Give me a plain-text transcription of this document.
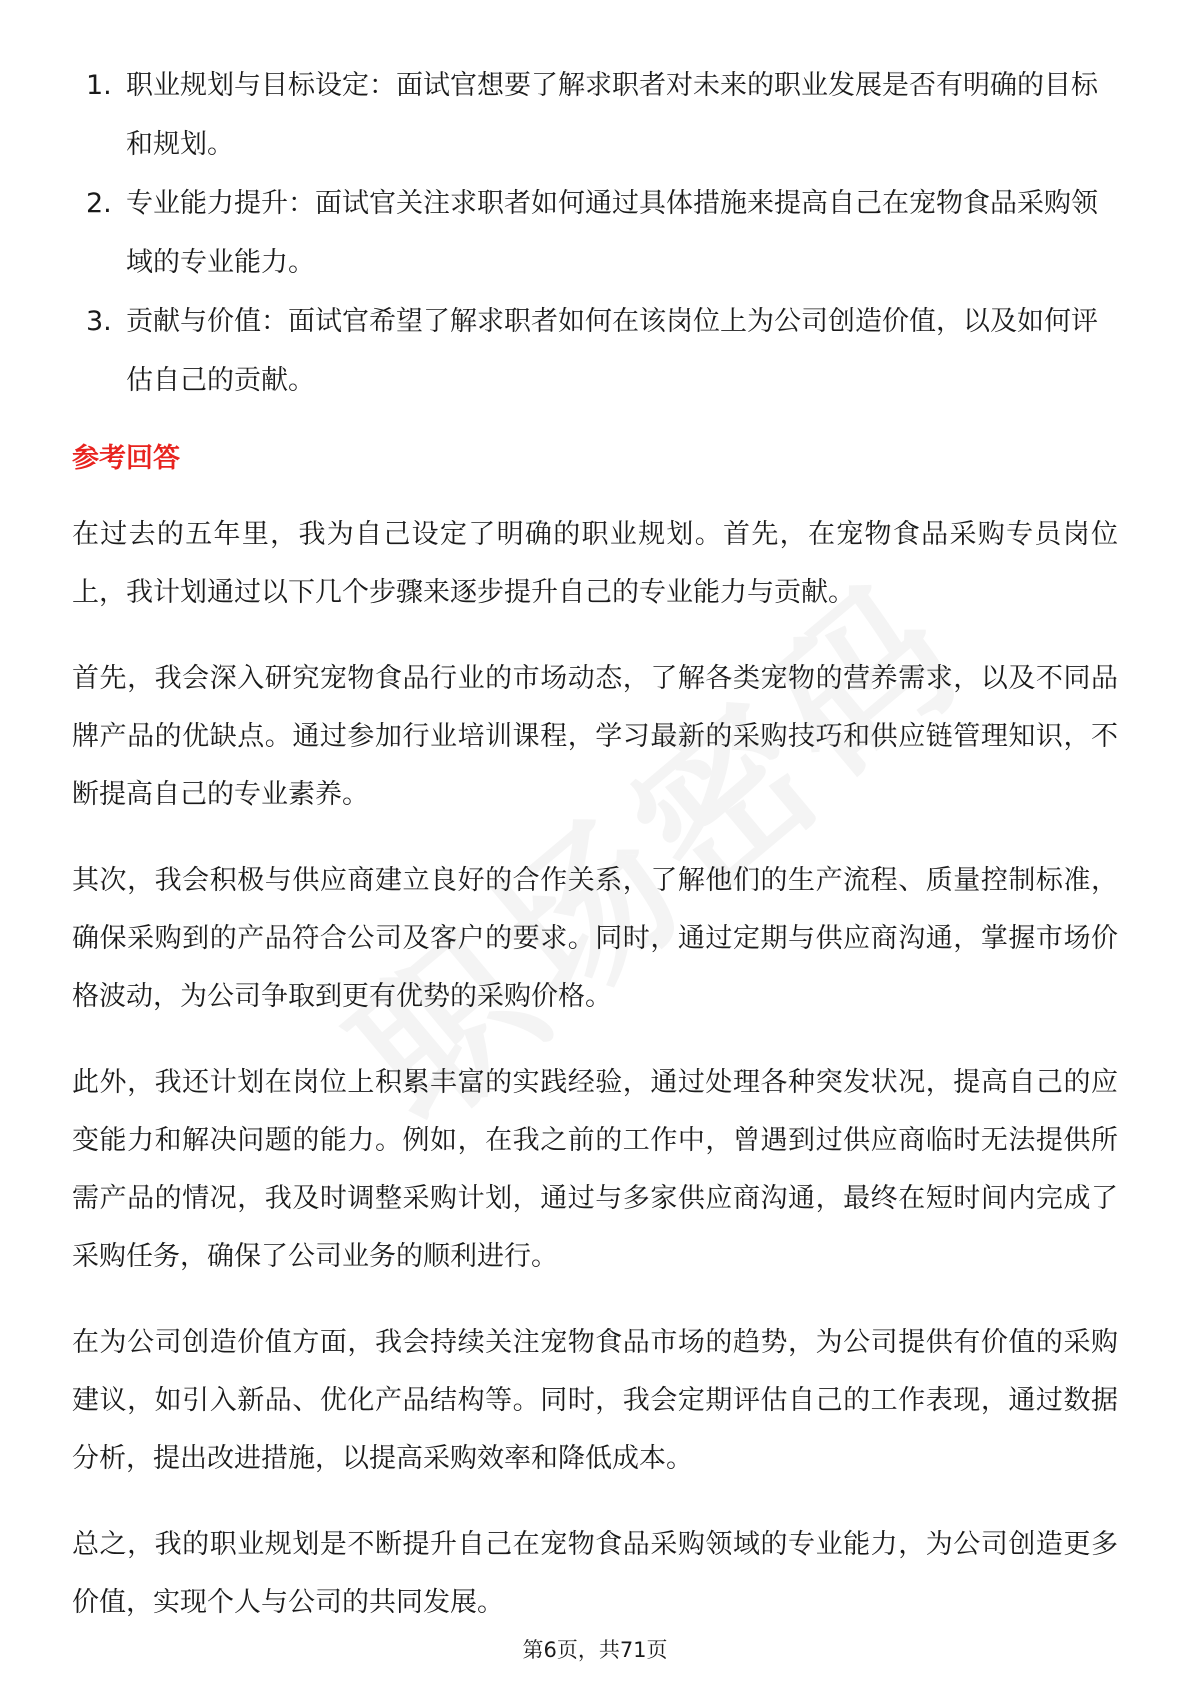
1. 职业规划与目标设定：面试官想要了解求职者对未来的职业发展是否有明确的目标和规划。
2. 专业能力提升：面试官关注求职者如何通过具体措施来提高自己在宠物食品采购领域的专业能力。
3. 贡献与价值：面试官希望了解求职者如何在该岗位上为公司创造价值，以及如何评估自己的贡献。
参考回答

在过去的五年里，我为自己设定了明确的职业规划。首先，在宠物食品采购专员岗位上，我计划通过以下几个步骤来逐步提升自己的专业能力与贡献。

首先，我会深入研究宠物食品行业的市场动态，了解各类宠物的营养需求，以及不同品牌产品的优缺点。通过参加行业培训课程，学习最新的采购技巧和供应链管理知识，不断提高自己的专业素养。

其次，我会积极与供应商建立良好的合作关系，了解他们的生产流程、质量控制标准，确保采购到的产品符合公司及客户的要求。同时，通过定期与供应商沟通，掌握市场价格波动，为公司争取到更有优势的采购价格。

此外，我还计划在岗位上积累丰富的实践经验，通过处理各种突发状况，提高自己的应变能力和解决问题的能力。例如，在我之前的工作中，曾遇到过供应商临时无法提供所需产品的情况，我及时调整采购计划，通过与多家供应商沟通，最终在短时间内完成了采购任务，确保了公司业务的顺利进行。

在为公司创造价值方面，我会持续关注宠物食品市场的趋势，为公司提供有价值的采购建议，如引入新品、优化产品结构等。同时，我会定期评估自己的工作表现，通过数据分析，提出改进措施，以提高采购效率和降低成本。

总之，我的职业规划是不断提升自己在宠物食品采购领域的专业能力，为公司创造更多价值，实现个人与公司的共同发展。

第6页，共71页
